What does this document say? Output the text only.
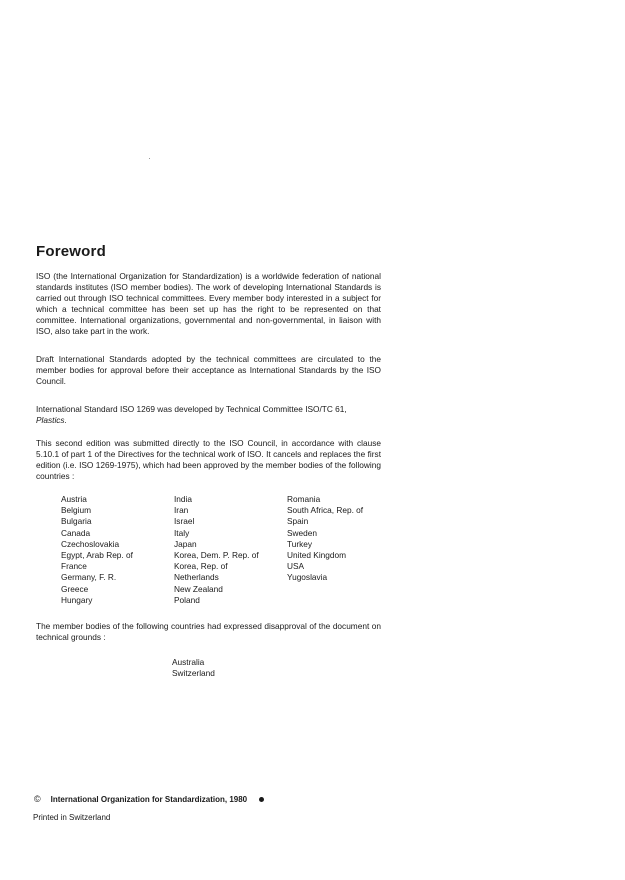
Foreword

ISO (the International Organization for Standardization) is a worldwide federation of national standards institutes (ISO member bodies). The work of developing International Standards is carried out through ISO technical committees. Every member body interested in a subject for which a technical committee has been set up has the right to be represented on that committee. International organizations, governmental and non-governmental, in liaison with ISO, also take part in the work.

Draft International Standards adopted by the technical committees are circulated to the member bodies for approval before their acceptance as International Standards by the ISO Council.

International Standard ISO 1269 was developed by Technical Committee ISO/TC 61,
Plastics.

This second edition was submitted directly to the ISO Council, in accordance with clause 5.10.1 of part 1 of the Directives for the technical work of ISO. It cancels and replaces the first edition (i.e. ISO 1269-1975), which had been approved by the member bodies of the following countries :

Austria
Belgium
Bulgaria
Canada
Czechoslovakia
Egypt, Arab Rep. of
France
Germany, F. R.
Greece
Hungary
India
Iran
Israel
Italy
Japan
Korea, Dem. P. Rep. of
Korea, Rep. of
Netherlands
New Zealand
Poland
Romania
South Africa, Rep. of
Spain
Sweden
Turkey
United Kingdom
USA
Yugoslavia

The member bodies of the following countries had expressed disapproval of the document on technical grounds :

Australia
Switzerland
© International Organization for Standardization, 1980
Printed in Switzerland
